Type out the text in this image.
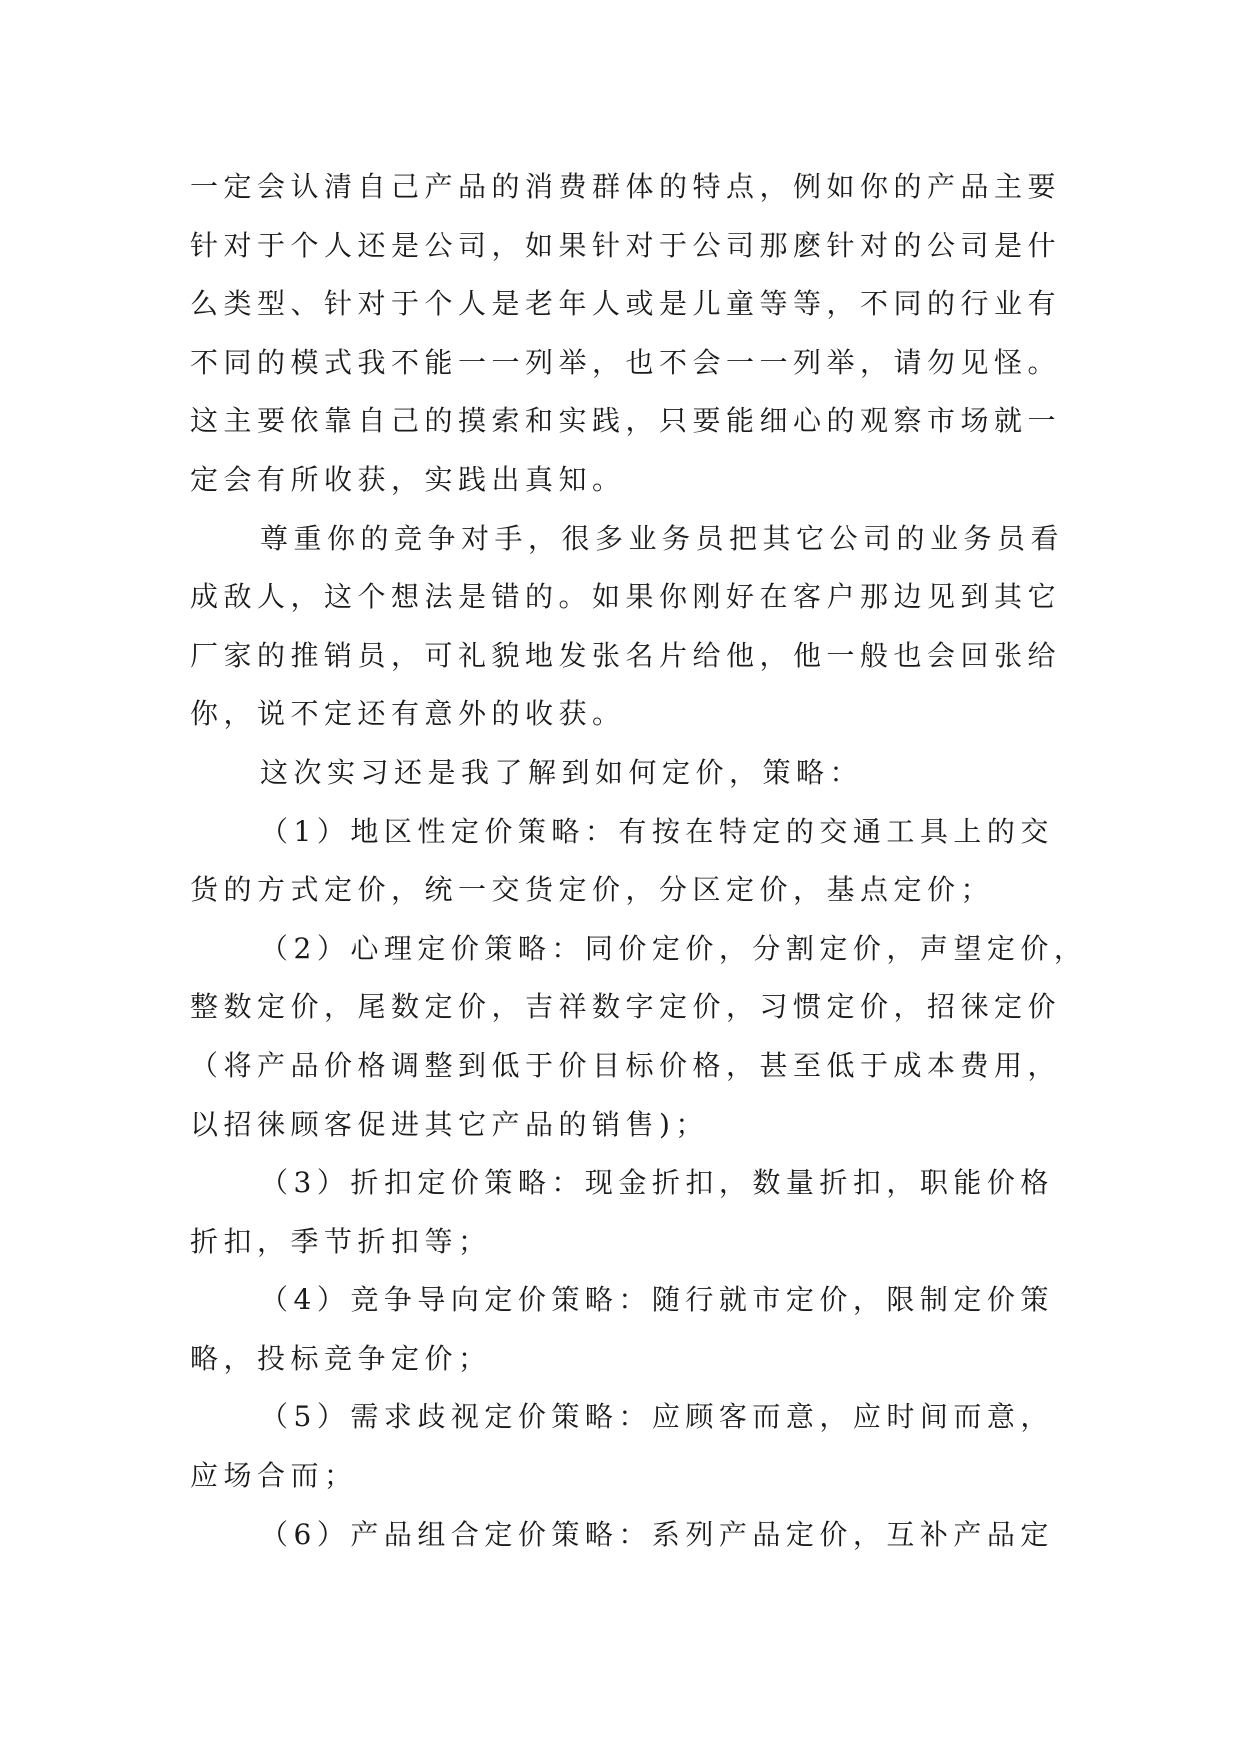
一定会认清自己产品的消费群体的特点，例如你的产品主要
针对于个人还是公司，如果针对于公司那麽针对的公司是什
么类型、针对于个人是老年人或是儿童等等，不同的行业有
不同的模式我不能一一列举，也不会一一列举，请勿见怪。
这主要依靠自己的摸索和实践，只要能细心的观察市场就一
定会有所收获，实践出真知。
尊重你的竞争对手，很多业务员把其它公司的业务员看
成敌人，这个想法是错的。如果你刚好在客户那边见到其它
厂家的推销员，可礼貌地发张名片给他，他一般也会回张给
你，说不定还有意外的收获。
这次实习还是我了解到如何定价，策略：
（1）地区性定价策略：有按在特定的交通工具上的交
货的方式定价，统一交货定价，分区定价，基点定价；
（2）心理定价策略：同价定价，分割定价，声望定价，
整数定价，尾数定价，吉祥数字定价，习惯定价，招徕定价
（将产品价格调整到低于价目标价格，甚至低于成本费用，
以招徕顾客促进其它产品的销售)；
（3）折扣定价策略：现金折扣，数量折扣，职能价格
折扣，季节折扣等；
（4）竞争导向定价策略：随行就市定价，限制定价策
略，投标竞争定价；
（5）需求歧视定价策略：应顾客而意，应时间而意，
应场合而；
（6）产品组合定价策略：系列产品定价，互补产品定
